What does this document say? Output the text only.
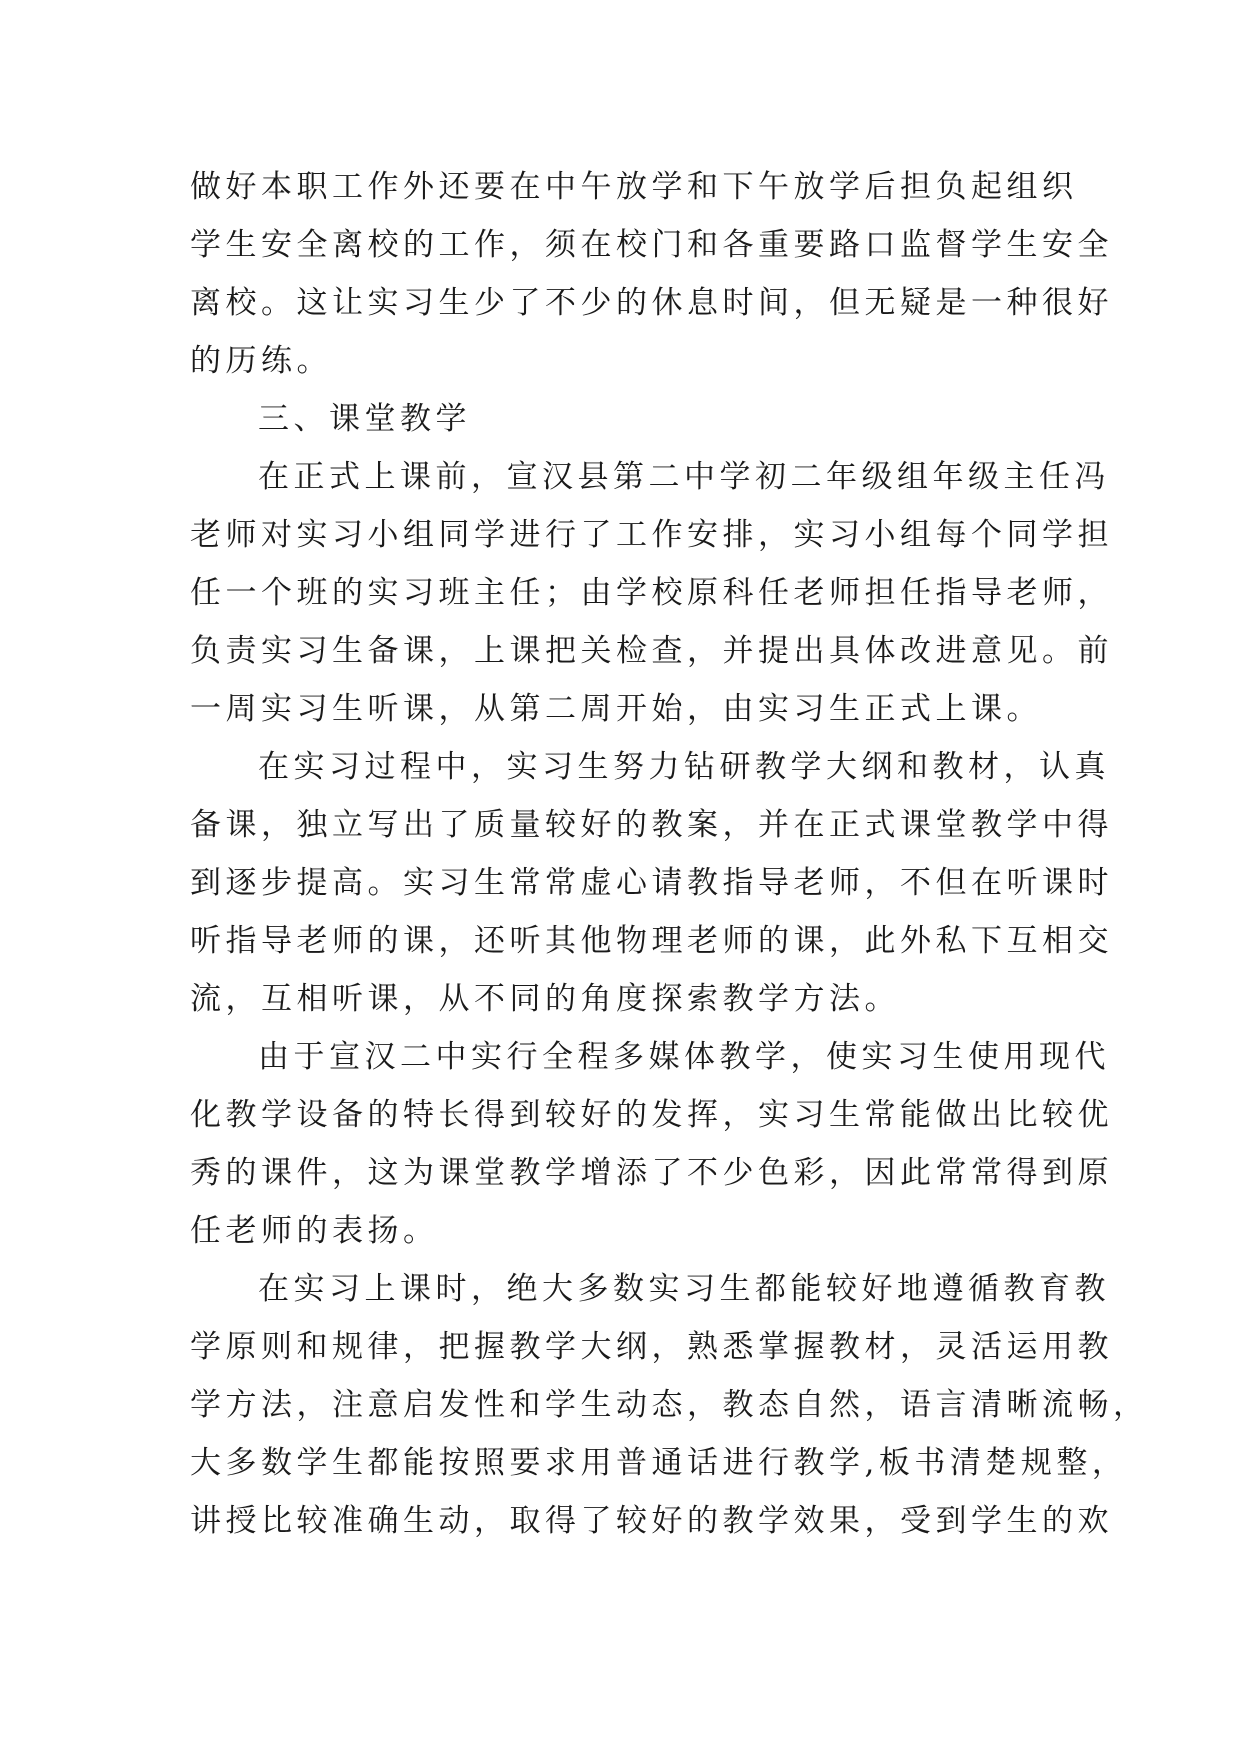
做好本职工作外还要在中午放学和下午放学后担负起组织
学生安全离校的工作，须在校门和各重要路口监督学生安全
离校。这让实习生少了不少的休息时间，但无疑是一种很好
的历练。
三、课堂教学
在正式上课前，宣汉县第二中学初二年级组年级主任冯
老师对实习小组同学进行了工作安排，实习小组每个同学担
任一个班的实习班主任；由学校原科任老师担任指导老师，
负责实习生备课，上课把关检查，并提出具体改进意见。前
一周实习生听课，从第二周开始，由实习生正式上课。
在实习过程中，实习生努力钻研教学大纲和教材，认真
备课，独立写出了质量较好的教案，并在正式课堂教学中得
到逐步提高。实习生常常虚心请教指导老师，不但在听课时
听指导老师的课，还听其他物理老师的课，此外私下互相交
流，互相听课，从不同的角度探索教学方法。
由于宣汉二中实行全程多媒体教学，使实习生使用现代
化教学设备的特长得到较好的发挥，实习生常能做出比较优
秀的课件，这为课堂教学增添了不少色彩，因此常常得到原
任老师的表扬。
在实习上课时，绝大多数实习生都能较好地遵循教育教
学原则和规律，把握教学大纲，熟悉掌握教材，灵活运用教
学方法，注意启发性和学生动态，教态自然，语言清晰流畅，
大多数学生都能按照要求用普通话进行教学,板书清楚规整，
讲授比较准确生动，取得了较好的教学效果，受到学生的欢
